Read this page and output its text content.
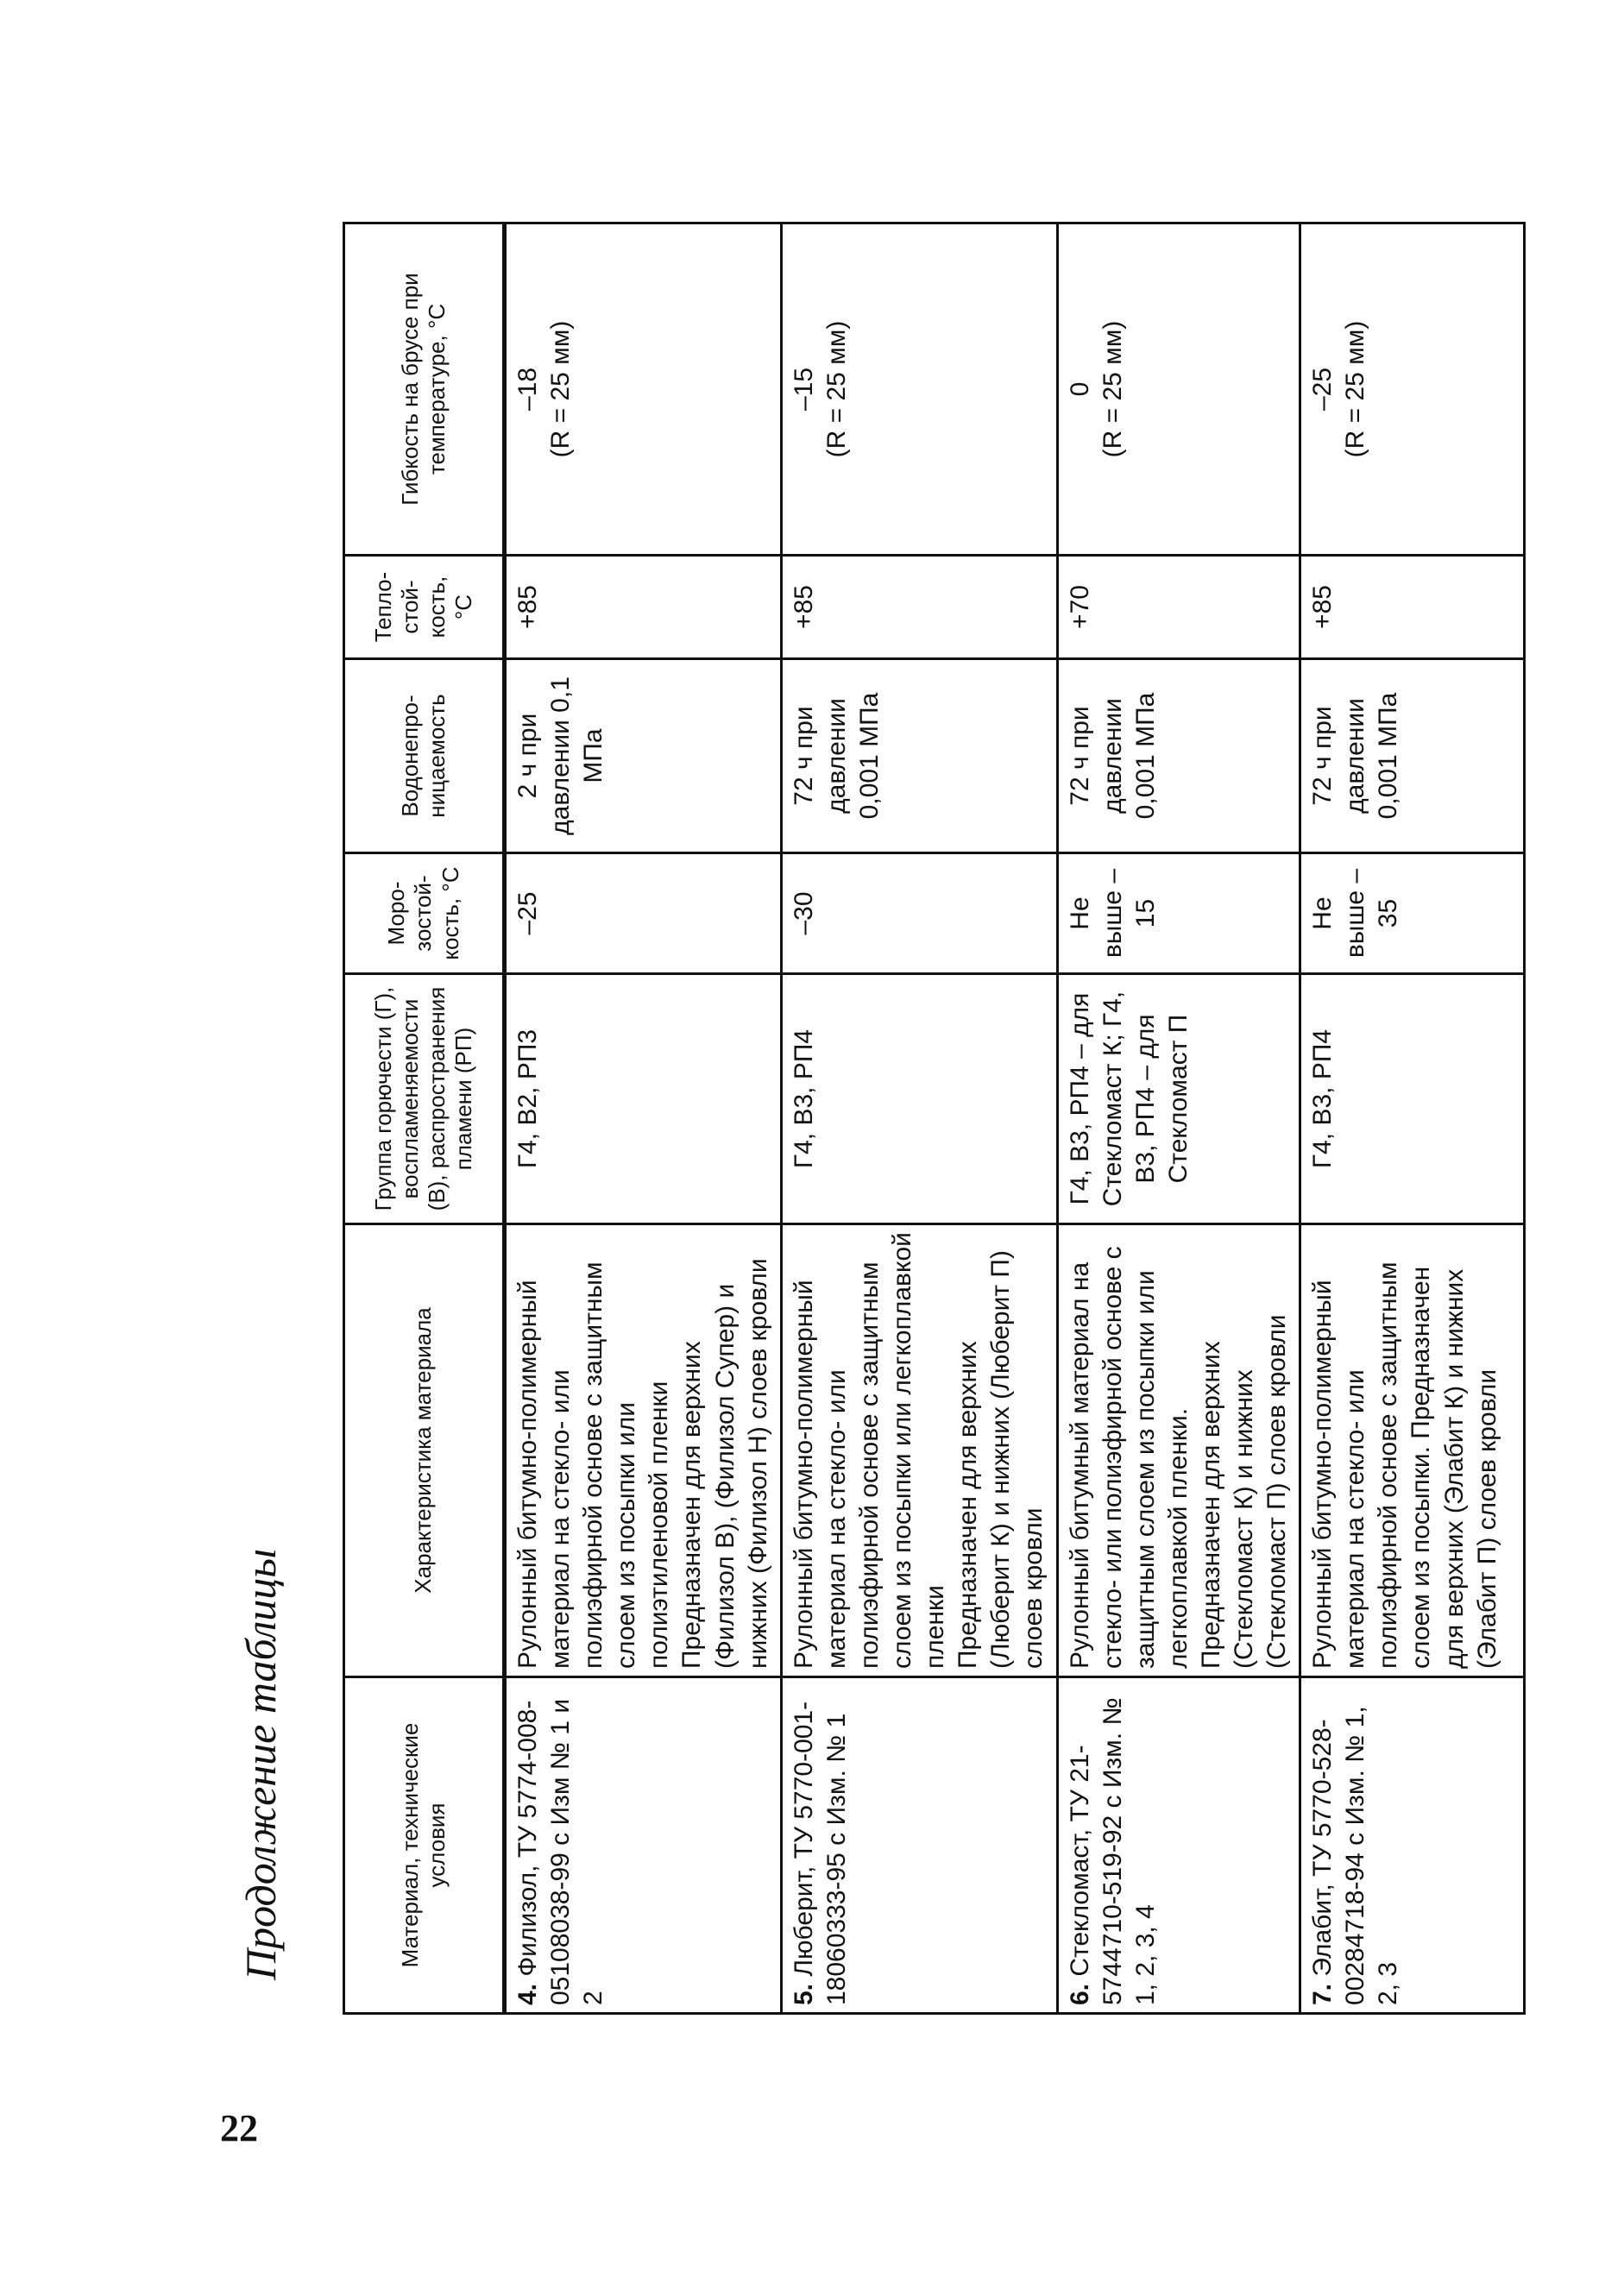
22
Продолжение таблицы	Материал, технические условия	Характеристика материала	Группа горючести (Г), воспламеняемости (В), распространения пламени (РП)	Моро-зостой-кость, °С	Водонепро-ницаемость	Тепло-стой-кость, °С	Гибкость на брусе при температуре, °С
4. Филизол, ТУ 5774-008-05108038-99 с Изм № 1 и 2	Рулонный битумно-полимерный материал на стекло- или полиэфирной основе с защитным слоем из посыпки или полиэтиленовой пленки Предназначен для верхних (Филизол В), (Филизол Супер) и нижних (Филизол Н) слоев кровли	Г4, В2, РП3	–25	2 ч при давлении 0,1 МПа	+85	–18 (R = 25 мм)

5. Люберит, ТУ 5770-001-18060333-95 с Изм. № 1	Рулонный битумно-полимерный материал на стекло- или полиэфирной основе с защитным слоем из посыпки или легкоплавкой пленки Предназначен для верхних (Люберит К) и нижних (Люберит П) слоев кровли	Г4, В3, РП4	–30	72 ч при давлении 0,001 МПа	+85	–15 (R = 25 мм)

6. Стекломаст, ТУ 21-5744710-519-92 с Изм. № 1, 2, 3, 4	Рулонный битумный материал на стекло- или полиэфирной основе с защитным слоем из посыпки или легкоплавкой пленки. Предназначен для верхних (Стекломаст К) и нижних (Стекломаст П) слоев кровли	Г4, В3, РП4 – для Стекломаст К; Г4, В3, РП4 – для Стекломаст П	Не выше –15	72 ч при давлении 0,001 МПа	+70	0 (R = 25 мм)

7. Элабит, ТУ 5770-528-00284718-94 с Изм. № 1, 2, 3	Рулонный битумно-полимерный материал на стекло- или полиэфирной основе с защитным слоем из посыпки. Предназначен для верхних (Элабит К) и нижних (Элабит П) слоев кровли	Г4, В3, РП4	Не выше –35	72 ч при давлении 0,001 МПа	+85	–25 (R = 25 мм)
